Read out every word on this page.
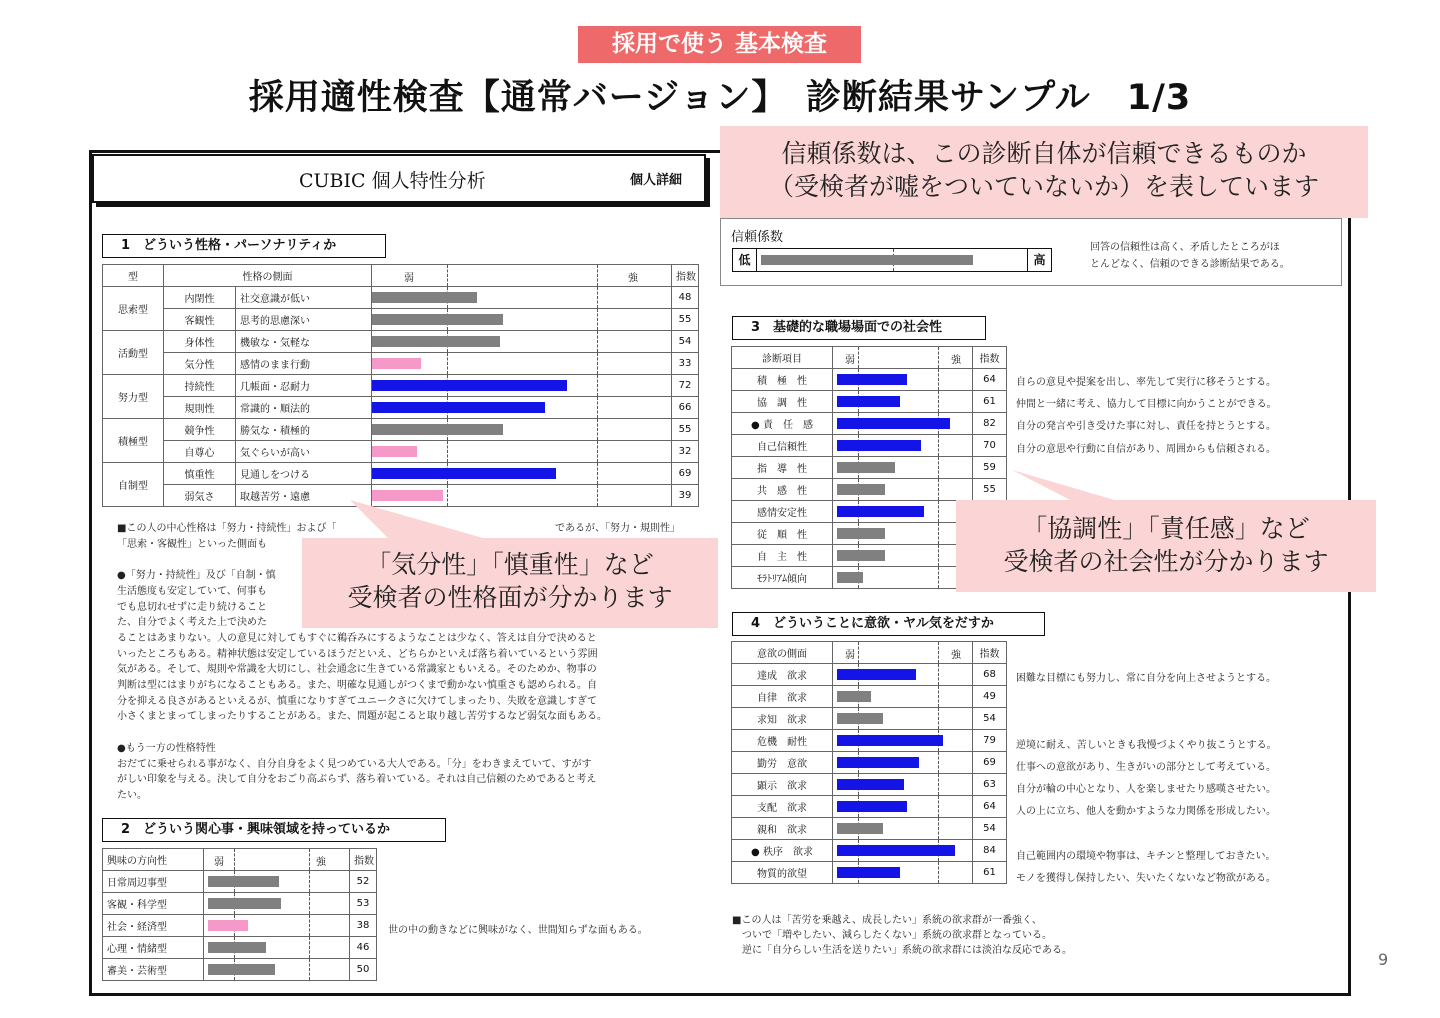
採用で使う 基本検査
採用適性検査【通常バージョン】　診断結果サンプル　1/3
CUBIC 個人特性分析	個人詳細
1　どういう性格・パーソナリティか
型	性格の側面		弱 強	指数
思索型	内閉性	社交意識が低い		48
	客観性	思考的思慮深い		55
活動型	身体性	機敏な・気軽な		54
	気分性	感情のまま行動		33
努力型	持続性	几帳面・忍耐力		72
	規則性	常識的・順法的		66
積極型	競争性	勝気な・積極的		55
	自尊心	気ぐらいが高い		32
自制型	慎重性	見通しをつける		69
	弱気さ	取越苦労・遠慮		39
■この人の中心性格は「努力・持続性」および「
「思索・客観性」といった側面も
●「努力・持続性」及び「自制・慎
生活態度も安定していて、何事も
でも息切れせずに走り続けること
た、自分でよく考えた上で決めた
ることはあまりない。人の意見に対してもすぐに鵜呑みにするようなことは少なく、答えは自分で決めると
いったところもある。精神状態は安定しているほうだといえ、どちらかといえば落ち着いているという雰囲
気がある。そして、規則や常識を大切にし、社会通念に生きている常識家ともいえる。そのためか、物事の
判断は型にはまりがちになることもある。また、明確な見通しがつくまで動かない慎重さも認められる。自
分を抑える良さがあるといえるが、慎重になりすぎてユニークさに欠けてしまったり、失敗を意識しすぎて
小さくまとまってしまったりすることがある。また、問題が起こると取り越し苦労するなど弱気な面もある。
●もう一方の性格特性
おだてに乗せられる事がなく、自分自身をよく見つめている大人である。「分」をわきまえていて、すがす
がしい印象を与える。決して自分をおごり高ぶらず、落ち着いている。それは自己信頼のためであると考え
たい。
であるが、「努力・規則性」
2　どういう関心事・興味領域を持っているか
興味の方向性	弱 強	指数
日常周辺事型		52
客観・科学型		53
社会・経済型		38
心理・情緒型		46
審美・芸術型		50
世の中の動きなどに興味がなく、世間知らずな面もある。
信頼係数
低	高
回答の信頼性は高く、矛盾したところがほ
とんどなく、信頼のできる診断結果である。
3　基礎的な職場場面での社会性
診断項目	弱 強	指数
積　極　性		64
協　調　性		61
● 責　任　感		82
自己信頼性		70
指　導　性		59
共　感　性		55
感情安定性	

従　順　性	

自　主　性	

ﾓﾗﾄﾘｱﾑ傾向	

4　どういうことに意欲・ヤル気をだすか
意欲の側面	弱 強	指数
達成　欲求		68
自律　欲求		49
求知　欲求		54
危機　耐性		79
勤労　意欲		69
顕示　欲求		63
支配　欲求		64
親和　欲求		54
● 秩序　欲求		84
物質的欲望		61
■この人は「苦労を乗越え、成長したい」系統の欲求群が一番強く、
　ついで「増やしたい、減らしたくない」系統の欲求群となっている。
　逆に「自分らしい生活を送りたい」系統の欲求群には淡泊な反応である。
信頼係数は、この診断自体が信頼できるものか
（受検者が嘘をついていないか）を表しています
「気分性」「慎重性」など
受検者の性格面が分かります
「協調性」「責任感」など
受検者の社会性が分かります
9
自らの意見や提案を出し、率先して実行に移そうとする。
仲間と一緒に考え、協力して目標に向かうことができる。
自分の発言や引き受けた事に対し、責任を持とうとする。
自分の意思や行動に自信があり、周囲からも信頼される。
困難な目標にも努力し、常に自分を向上させようとする。
逆境に耐え、苦しいときも我慢づよくやり抜こうとする。
仕事への意欲があり、生きがいの部分として考えている。
自分が輪の中心となり、人を楽しませたり感嘆させたい。
人の上に立ち、他人を動かすような力関係を形成したい。
自己範囲内の環境や物事は、キチンと整理しておきたい。
モノを獲得し保持したい、失いたくないなど物欲がある。
